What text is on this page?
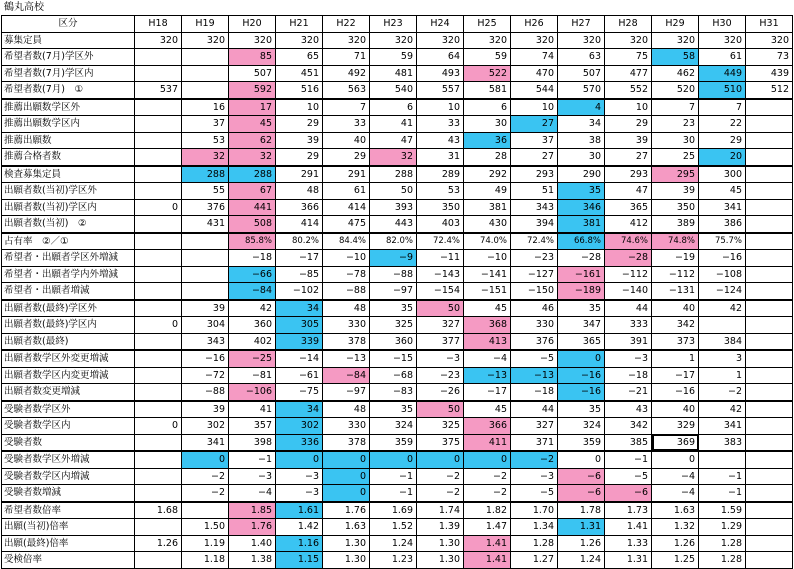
鶴丸高校
区分	H18	H19	H20	H21	H22	H23	H24	H25	H26	H27	H28	H29	H30	H31
募集定員	320	320	320	320	320	320	320	320	320	320	320	320	320	320
希望者数(7月)学区外			85	65	71	59	64	59	74	63	75	58	61	73
希望者数(7月)学区内			507	451	492	481	493	522	470	507	477	462	449	439
希望者数(7月)　①	537		592	516	563	540	557	581	544	570	552	520	510	512
推薦出願数学区外		16	17	10	7	6	10	6	10	4	10	7	7	
推薦出願数学区内		37	45	29	33	41	33	30	27	34	29	23	22	
推薦出願数		53	62	39	40	47	43	36	37	38	39	30	29	
推薦合格者数		32	32	29	29	32	31	28	27	30	27	25	20	
検査募集定員		288	288	291	291	288	289	292	293	290	293	295	300	
出願者数(当初)学区外		55	67	48	61	50	53	49	51	35	47	39	45	
出願者数(当初)学区内	0	376	441	366	414	393	350	381	343	346	365	350	341	
出願者数(当初)　②		431	508	414	475	443	403	430	394	381	412	389	386	
占有率　②／①			85.8%	80.2%	84.4%	82.0%	72.4%	74.0%	72.4%	66.8%	74.6%	74.8%	75.7%	
希望者・出願者学区外増減			−18	−17	−10	−9	−11	−10	−23	−28	−28	−19	−16	
希望者・出願者学内外増減			−66	−85	−78	−88	−143	−141	−127	−161	−112	−112	−108	
希望者・出願者増減			−84	−102	−88	−97	−154	−151	−150	−189	−140	−131	−124	
出願者数(最終)学区外		39	42	34	48	35	50	45	46	35	44	40	42	
出願者数(最終)学区内	0	304	360	305	330	325	327	368	330	347	333	342		
出願者数(最終)		343	402	339	378	360	377	413	376	365	391	373	384	
出願者数学区外変更増減		−16	−25	−14	−13	−15	−3	−4	−5	0	−3	1	3	
出願者数学区内変更増減		−72	−81	−61	−84	−68	−23	−13	−13	−16	−18	−17	1	
出願者数変更増減		−88	−106	−75	−97	−83	−26	−17	−18	−16	−21	−16	−2	
受験者数学区外		39	41	34	48	35	50	45	44	35	43	40	42	
受験者数学区内	0	302	357	302	330	324	325	366	327	324	342	329	341	
受験者数		341	398	336	378	359	375	411	371	359	385	369	383	
受験者数学区外増減		0	−1	0	0	0	0	0	−2	0	−1	0		
受験者数学区内増減		−2	−3	−3	0	−1	−2	−2	−3	−6	−5	−4	−1	
受験者数増減		−2	−4	−3	0	−1	−2	−2	−5	−6	−6	−4	−1	
希望者数倍率	1.68		1.85	1.61	1.76	1.69	1.74	1.82	1.70	1.78	1.73	1.63	1.59	
出願(当初)倍率		1.50	1.76	1.42	1.63	1.52	1.39	1.47	1.34	1.31	1.41	1.32	1.29	
出願(最終)倍率	1.26	1.19	1.40	1.16	1.30	1.24	1.30	1.41	1.28	1.26	1.33	1.26	1.28	
受検倍率		1.18	1.38	1.15	1.30	1.23	1.30	1.41	1.27	1.24	1.31	1.25	1.28	
